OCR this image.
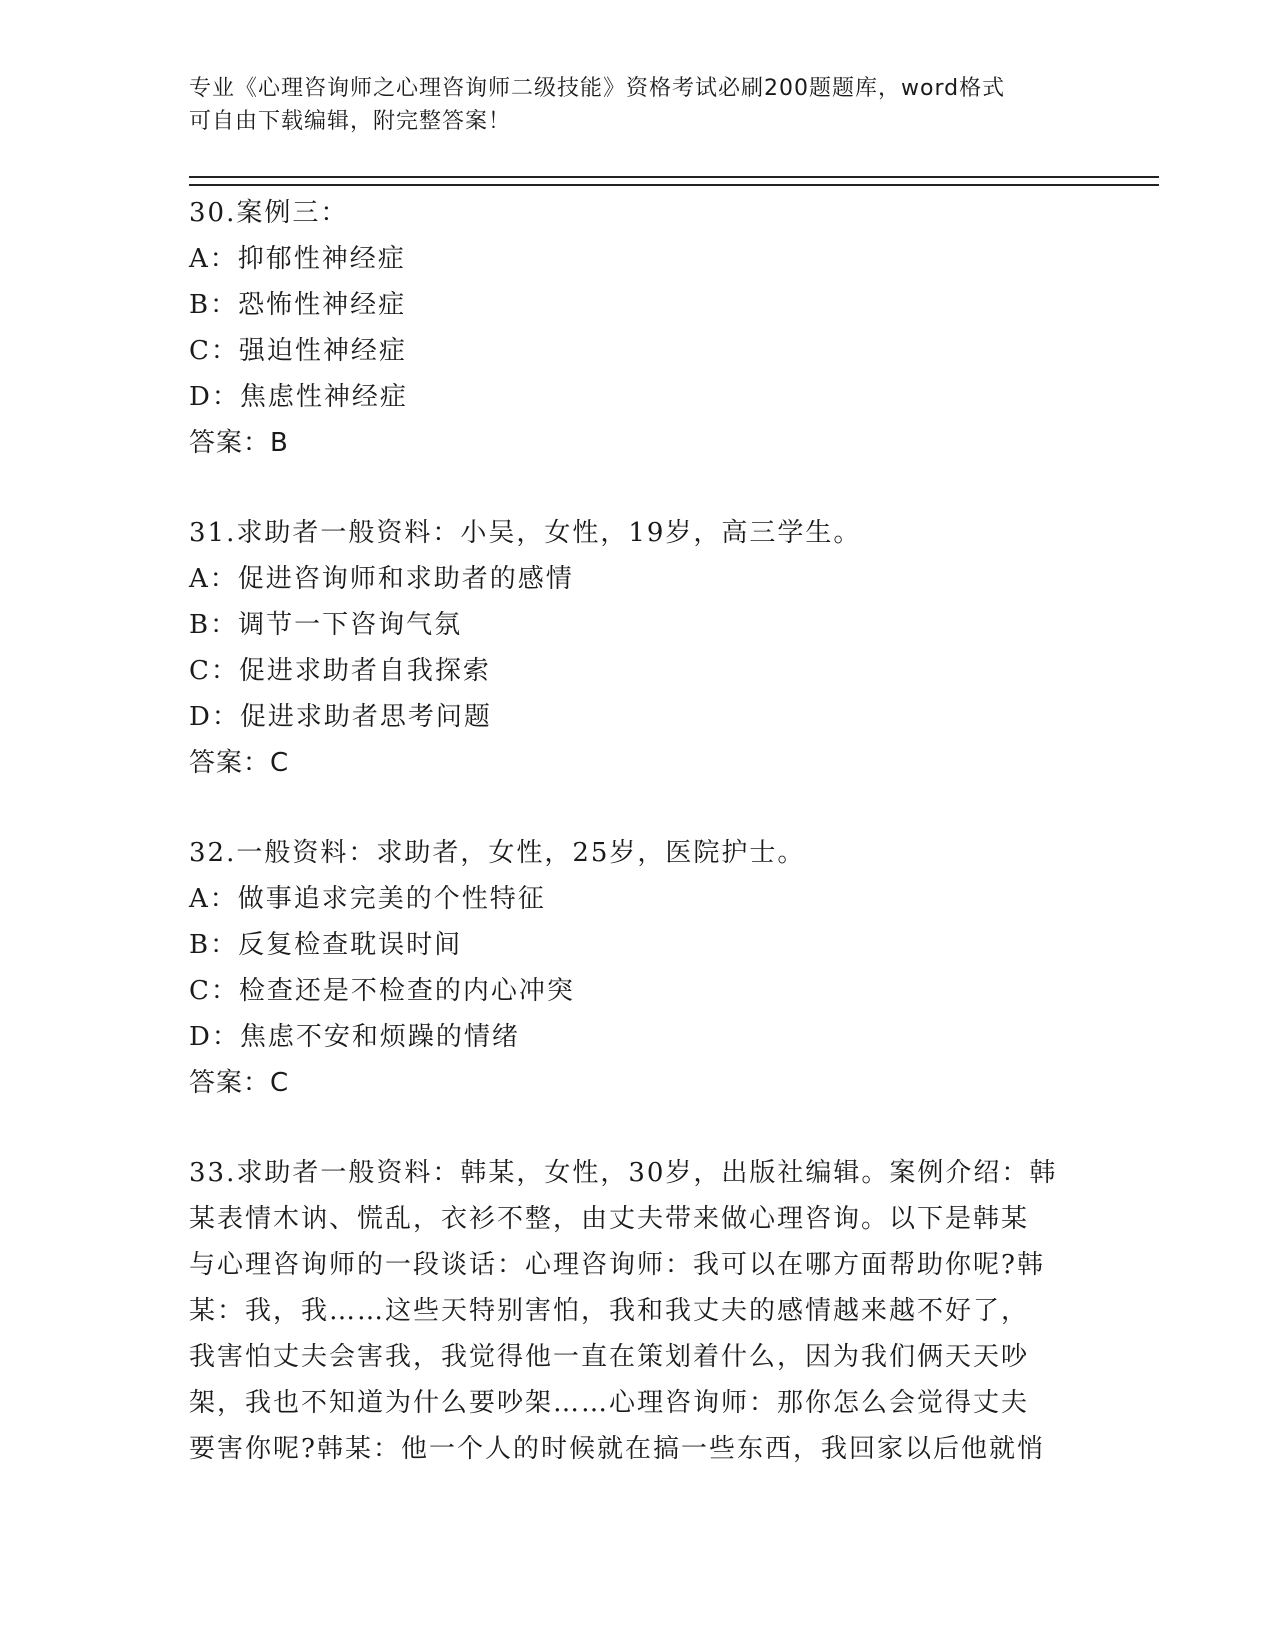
专业《心理咨询师之心理咨询师二级技能》资格考试必刷200题题库，word格式
可自由下载编辑，附完整答案！
30.案例三：
A：抑郁性神经症
B：恐怖性神经症
C：强迫性神经症
D：焦虑性神经症
答案：B
31.求助者一般资料：小吴，女性，19岁，高三学生。
A：促进咨询师和求助者的感情
B：调节一下咨询气氛
C：促进求助者自我探索
D：促进求助者思考问题
答案：C
32.一般资料：求助者，女性，25岁，医院护士。
A：做事追求完美的个性特征
B：反复检查耽误时间
C：检查还是不检查的内心冲突
D：焦虑不安和烦躁的情绪
答案：C
33.求助者一般资料：韩某，女性，30岁，出版社编辑。案例介绍：韩
某表情木讷、慌乱，衣衫不整，由丈夫带来做心理咨询。以下是韩某
与心理咨询师的一段谈话：心理咨询师：我可以在哪方面帮助你呢?韩
某：我，我……这些天特别害怕，我和我丈夫的感情越来越不好了，
我害怕丈夫会害我，我觉得他一直在策划着什么，因为我们俩天天吵
架，我也不知道为什么要吵架……心理咨询师：那你怎么会觉得丈夫
要害你呢?韩某：他一个人的时候就在搞一些东西，我回家以后他就悄
